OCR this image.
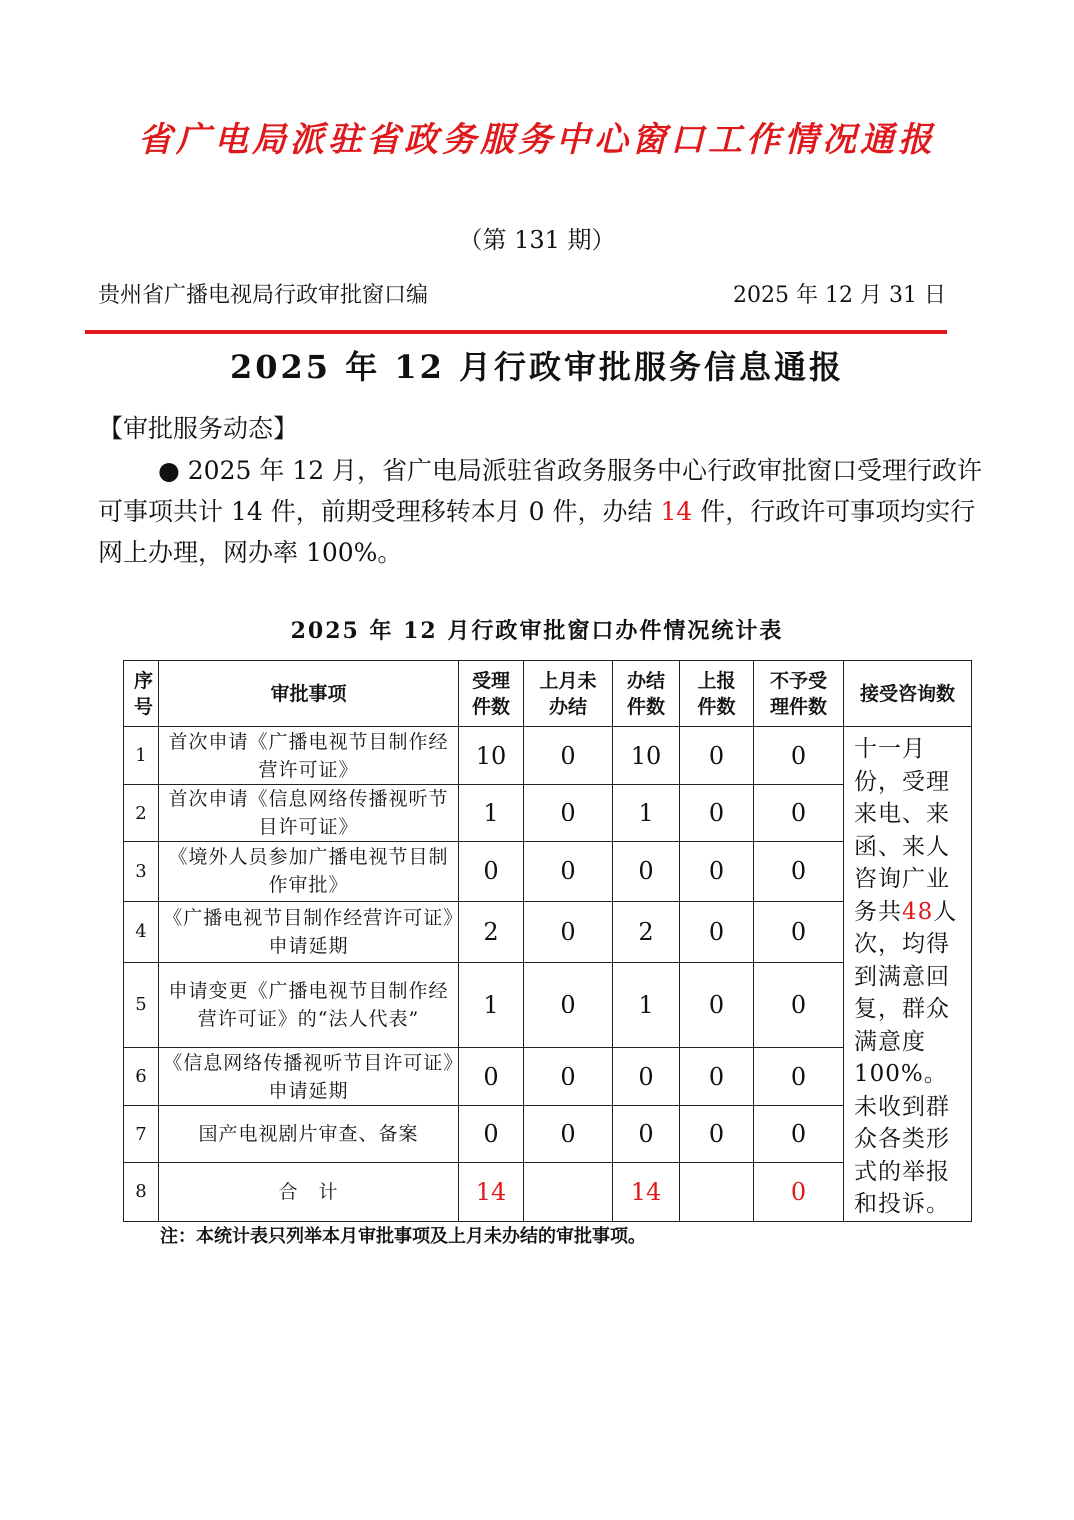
省广电局派驻省政务服务中心窗口工作情况通报
（第 131 期）
贵州省广播电视局行政审批窗口编	2025 年 12 月 31 日
2025 年 12 月行政审批服务信息通报
【审批服务动态】
● 2025 年 12 月，省广电局派驻省政务服务中心行政审批窗口受理行政许可事项共计 14 件，前期受理移转本月 0 件，办结 14 件，行政许可事项均实行网上办理，网办率 100%。
2025 年 12 月行政审批窗口办件情况统计表
序号	审批事项	受理件数	上月未办结	办结件数	上报件数	不予受理件数	接受咨询数
1	首次申请《广播电视节目制作经营许可证》	10	0	10	0	0	十一月份，受理来电、来函、来人咨询广业务共48人次，均得到满意回复，群众满意度 100%。未收到群众各类形式的举报和投诉。
2	首次申请《信息网络传播视听节目许可证》	1	0	1	0	0	
3	《境外人员参加广播电视节目制作审批》	0	0	0	0	0	
4	《广播电视节目制作经营许可证》申请延期	2	0	2	0	0	
5	申请变更《广播电视节目制作经营许可证》的“法人代表”	1	0	1	0	0	
6	《信息网络传播视听节目许可证》申请延期	0	0	0	0	0	
7	国产电视剧片审查、备案	0	0	0	0	0	
8	合　计	14		14		0	
注：本统计表只列举本月审批事项及上月未办结的审批事项。
